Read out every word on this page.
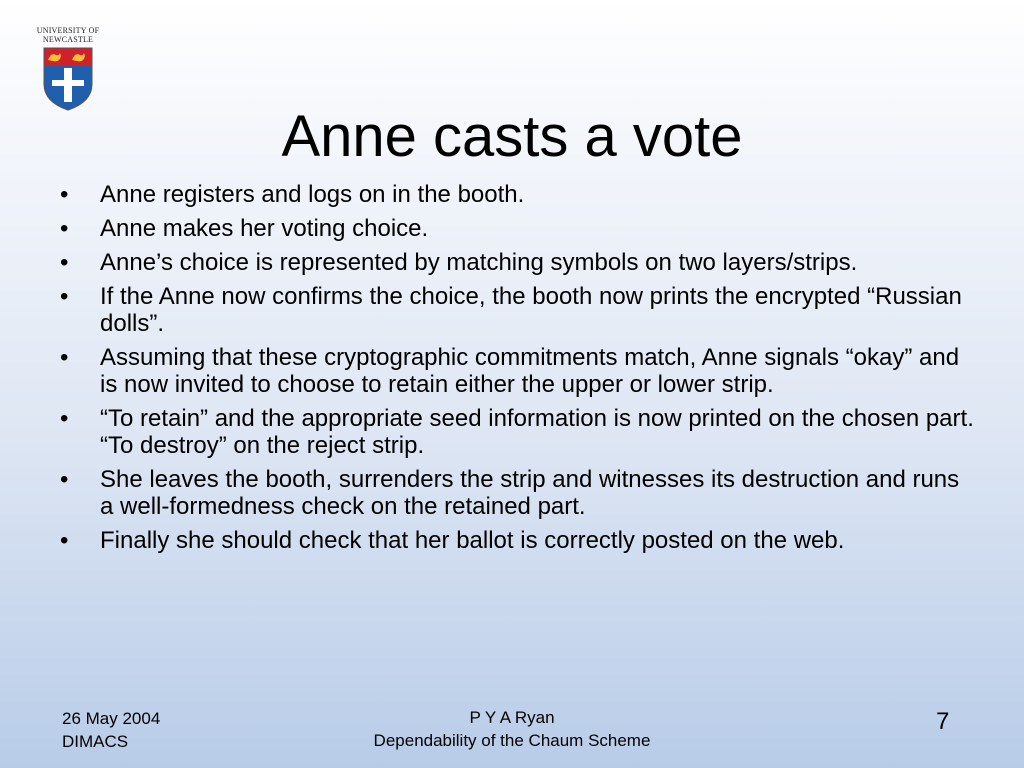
UNIVERSITY OF
NEWCASTLE
Anne casts a vote
• Anne registers and logs on in the booth.
• Anne makes her voting choice.
• Anne’s choice is represented by matching symbols on two layers/strips.
• If the Anne now confirms the choice, the booth now prints the encrypted “Russian dolls”.
• Assuming that these cryptographic commitments match, Anne signals “okay” and is now invited to choose to retain either the upper or lower strip.
• “To retain” and the appropriate seed information is now printed on the chosen part. “To destroy” on the reject strip.
• She leaves the booth, surrenders the strip and witnesses its destruction and runs a well-formedness check on the retained part.
• Finally she should check that her ballot is correctly posted on the web.
26 May 2004
DIMACS
P Y A Ryan
Dependability of the Chaum Scheme
7
